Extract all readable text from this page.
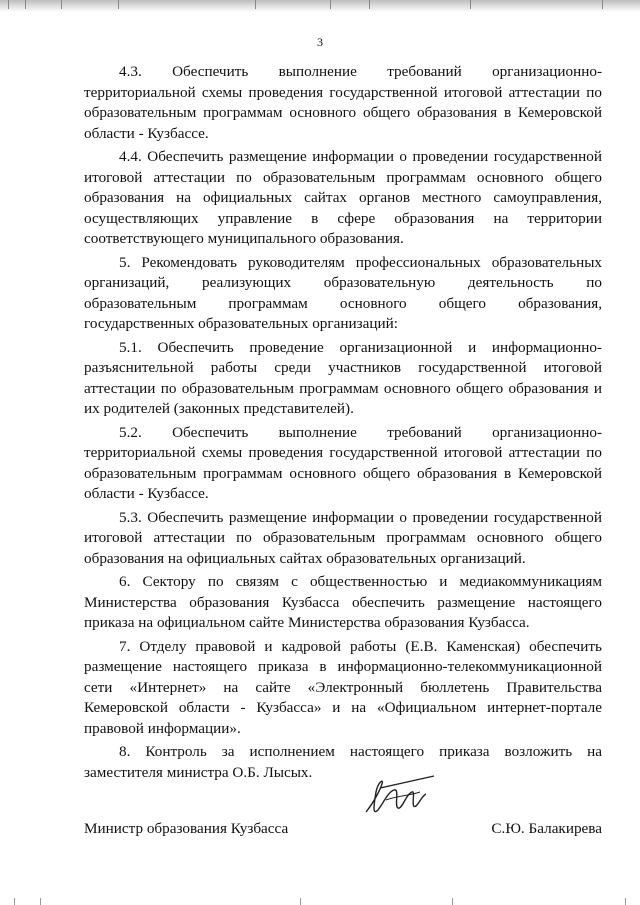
3

4.3. Обеспечить выполнение требований организационно-территориальной схемы проведения государственной итоговой аттестации по образовательным программам основного общего образования в Кемеровской области - Кузбассе.

4.4. Обеспечить размещение информации о проведении государственной итоговой аттестации по образовательным программам основного общего образования на официальных сайтах органов местного самоуправления, осуществляющих управление в сфере образования на территории соответствующего муниципального образования.

5. Рекомендовать руководителям профессиональных образовательных организаций, реализующих образовательную деятельность по образовательным программам основного общего образования, государственных образовательных организаций:

5.1. Обеспечить проведение организационной и информационно-разъяснительной работы среди участников государственной итоговой аттестации по образовательным программам основного общего образования и их родителей (законных представителей).

5.2. Обеспечить выполнение требований организационно-территориальной схемы проведения государственной итоговой аттестации по образовательным программам основного общего образования в Кемеровской области - Кузбассе.

5.3. Обеспечить размещение информации о проведении государственной итоговой аттестации по образовательным программам основного общего образования на официальных сайтах образовательных организаций.

6. Сектору по связям с общественностью и медиакоммуникациям Министерства образования Кузбасса обеспечить размещение настоящего приказа на официальном сайте Министерства образования Кузбасса.

7. Отделу правовой и кадровой работы (Е.В. Каменская) обеспечить размещение настоящего приказа в информационно-телекоммуникационной сети «Интернет» на сайте «Электронный бюллетень Правительства Кемеровской области - Кузбасса» и на «Официальном интернет-портале правовой информации».

8. Контроль за исполнением настоящего приказа возложить на заместителя министра О.Б. Лысых.

Министр образования Кузбасса	С.Ю. Балакирева
